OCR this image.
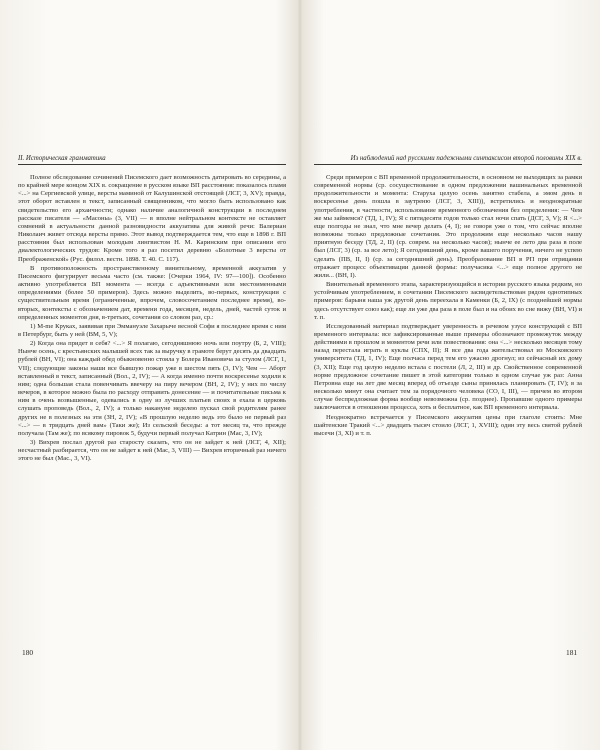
II. Историческая грамматика

Полное обследование сочинений Писемского дает возможность датировать во середины, а по крайней мере концом XIX в. сокращение в русском языке ВП расстояния: показалось пламя <...> на Сергиевской улице, версты маминой от Калушинской отстоящей (ЛСГ, 3, XV); правда, этот оборот вставлен в текст, записанный священником, что могло быть использовано как свидетельство его архаичности; однако наличие аналогичной конструкции в последнем рассказе писателя — «Масоны» (3, VII) — в вполне нейтральном контексте не оставляет сомнений в актуальности данной разновидности аккузатива для живой речи: Валериан Николаич живет отсюда версты прямо. Этот вывод подтверждается тем, что еще в 1898 г. ВП расстояния был использован молодым лингвистом Н. М. Каринским при описании его диалектологических трудов: Кроме того я раз посетил деревню «Болотные 3 версты от Преображенской» (Рус. филол. вестн. 1898. Т. 40. С. 117).

В противоположность пространственному винительному, временной аккузатив у Писемского фигурирует весьма часто (см. также: [Очерки 1964, IV: 97—100]). Особенно активно употребляется ВП момента — всегда с адъективными или местоименными определениями (более 50 примеров). Здесь можно выделить, во-первых, конструкции с существительным время (ограниченные, впрочем, словосочетанием последнее время), во-вторых, контексты с обозначением дат, времени года, месяцев, недель, дней, частей суток и определенных моментов дня, в-третьих, сочетания со словом раз, ср.:

1) М-me Круках, заявивая при Эммануэле Захарыче весной Софи я последнее время с ним в Петербург, быть у ней (ВМ, 5, V);

2) Когда она придет в себя? <...> Я полагаю, сегодняшнюю ночь или поутру (Б, 2, VIII); Нынче осень, с крестьянских малышей всех так за выручку в грамоте берут десять да двадцать рублей (ВН, VI); она каждый обед обыкновенно стояла у Болера Ивановича за стулом (ЛСГ, 1, VII); следующие законы наши все бывшую пожар уже в шестом пять (3, IV); Чем — Аборт вставленный в текст, записанный (Вол., 2, IV); — А когда именно почти воскресенье ходили к ним; одна большая стала повенчивать ввечеру на пиру вечером (ВН, 2, IV); у них по числу вечеров, в которое можно была по расходу отправить донесение — и почитательные письма к ним в очень возвышенные, одевались в одну из лучших платьев своих в ехала в церковь слушать проповедь (Вол., 2, IV); а только накануне неделею пускал свой родителям ранее других не в полезных на эти (ЗН, 2, IV); «В прошлую неделю ведь это было не первый раз <...> — в тридцать дней вам» (Таки же); Из сельской беседы: а тот месяц та, что прежде получала (Там же); по всякому пировок 5, будучи первый получал Катрин (Мас, 3, IV);

3) Вихрев послал другой раз старосту сказать, что он не зайдет к ней (ЛСГ, 4, XII); несчастный разбирается, что он не зайдет к ней (Мас, 3, VIII) — Вихрев вторичный раз ничего этого не был (Мас., 3, VI).

Из наблюдений над русскими падежными синтаксисом второй половины XIX в.

Среди примеров с ВП временной продолжительности, в основном не выходящих за рамки современной нормы (ср. сосуществование в одном предложении вашинальных временной продолжительности и момента: Старуха целую осень занятно стабела, а эмом день в воскресенье день пошла в заутреню (ЛСГ, 3, XIII)), встретились и неоднократные употребления, в частности, использование временного обозначения без определения: — Чем же мы займемся? (ТД, 1, IV); Я с пятидесяти годов только стал ночи спать (ДСГ, 3, V); Я <...> еще полгоды не знал, что мне вечер делать (4, I); не говоря уже о том, что сейчас вполне возможны только предложные сочетания. Это продолжим еще несколько часов нашу приятную беседу (ТД, 2, II) (ср. соврем. на несколько часов); нынче ее лето два раза в поле был (ЛСГ, 3) (ср. за все лето); Я сегодняшний день, кроме вашего поручения, ничего не успею сделать (ПВ, II, I) (ср. за сегодняшний день). Преобразование ВП в РП при отрицании отражает процесс объективации данной формы: получасика <...> еще полное другого не жили... (ВН, I).

Винительный временного этапа, характеризующийся в истории русского языка редким, но устойчивым употреблением, в сочетании Писемского засвидетельствован рядом однотипных примеров: барыня наша уж другой день переехала в Каменки (Б, 2, IX) (с позднейшей нормы здесь отсутствует союз как); еще ли уже два раза в поле был и на обоих во сне вижу (ВН, VI) и т. п.

Исследованный материал подтверждает уверенность в речевом узусе конструкций с ВП временного интервала: все зафиксированные выше примеры обозначают промежуток между действиями в прошлом и моментом речи или повествования: она <...> несколько месяцев тому назад перестала играть в куклы (СПХ, II); Я все два года жительствовал из Московского университета (ТД, 1, IV); Еще полчаса перед тем его ужасно дрогнул; из сейчасный их дому (3, XII); Еще год целую неделю встала с постели (Л, 2, III) и др. Свойственное современной норме предложное сочетание пишет в этой категории только в одном случае уж раз: Анна Петровна еще на лет две месяц вперед об отъезде сыны принялась планировать (Т, IV); в за несколько минут она считает тем за порядочного человека (СО, I, III), — причем во втором случае беспредложная форма вообще невозможна (ср. позднее). Пропавшие одного примеры заключаются в отношении процесса, хоть и бесплатное, как ВП временного интервала.

Неоднократно встречается у Писемского аккузатив цены при глаголе стоить: Мне шайтенские Тракий <...> двадцать тысяч стоило (ЛСГ, 1, XVIII); один эту весь святой рублей высечи (3, XI) и т. п.

180	181
